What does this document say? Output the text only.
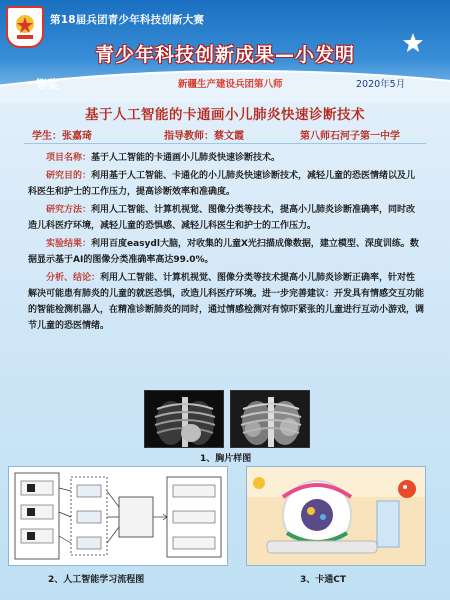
第18届兵团青少年科技创新大赛
青少年科技创新成果—小发明
一等奖	新疆生产建设兵团第八师	2020年5月
基于人工智能的卡通画小儿肺炎快速诊断技术
学生：张嘉琦	指导教师：蔡文霞	第八师石河子第一中学

项目名称：基于人工智能的卡通画小儿肺炎快速诊断技术。

研究目的：利用基于人工智能、卡通化的小儿肺炎快速诊断技术，减轻儿童的恐医情绪以及儿科医生和护士的工作压力，提高诊断效率和准确度。

研究方法：利用人工智能、计算机视觉、图像分类等技术，提高小儿肺炎诊断准确率，同时改造儿科医疗环境，减轻儿童的恐惧感、减轻儿科医生和护士的工作压力。

实验结果：利用百度easydl大脑，对收集的儿童X光扫描成像数据，建立模型、深度训练。数据显示基于AI的图像分类准确率高达99.0%。

分析、结论：利用人工智能、计算机视觉、图像分类等技术提高小儿肺炎诊断正确率，针对性解决可能患有肺炎的儿童的就医恐惧，改造儿科医疗环境。进一步完善建议：开发具有情感交互功能的智能检测机器人，在精准诊断肺炎的同时，通过情感检测对有惊吓紧张的儿童进行互动小游戏，调节儿童的恐医情绪。

1、胸片样图
2、人工智能学习流程图	3、卡通CT
